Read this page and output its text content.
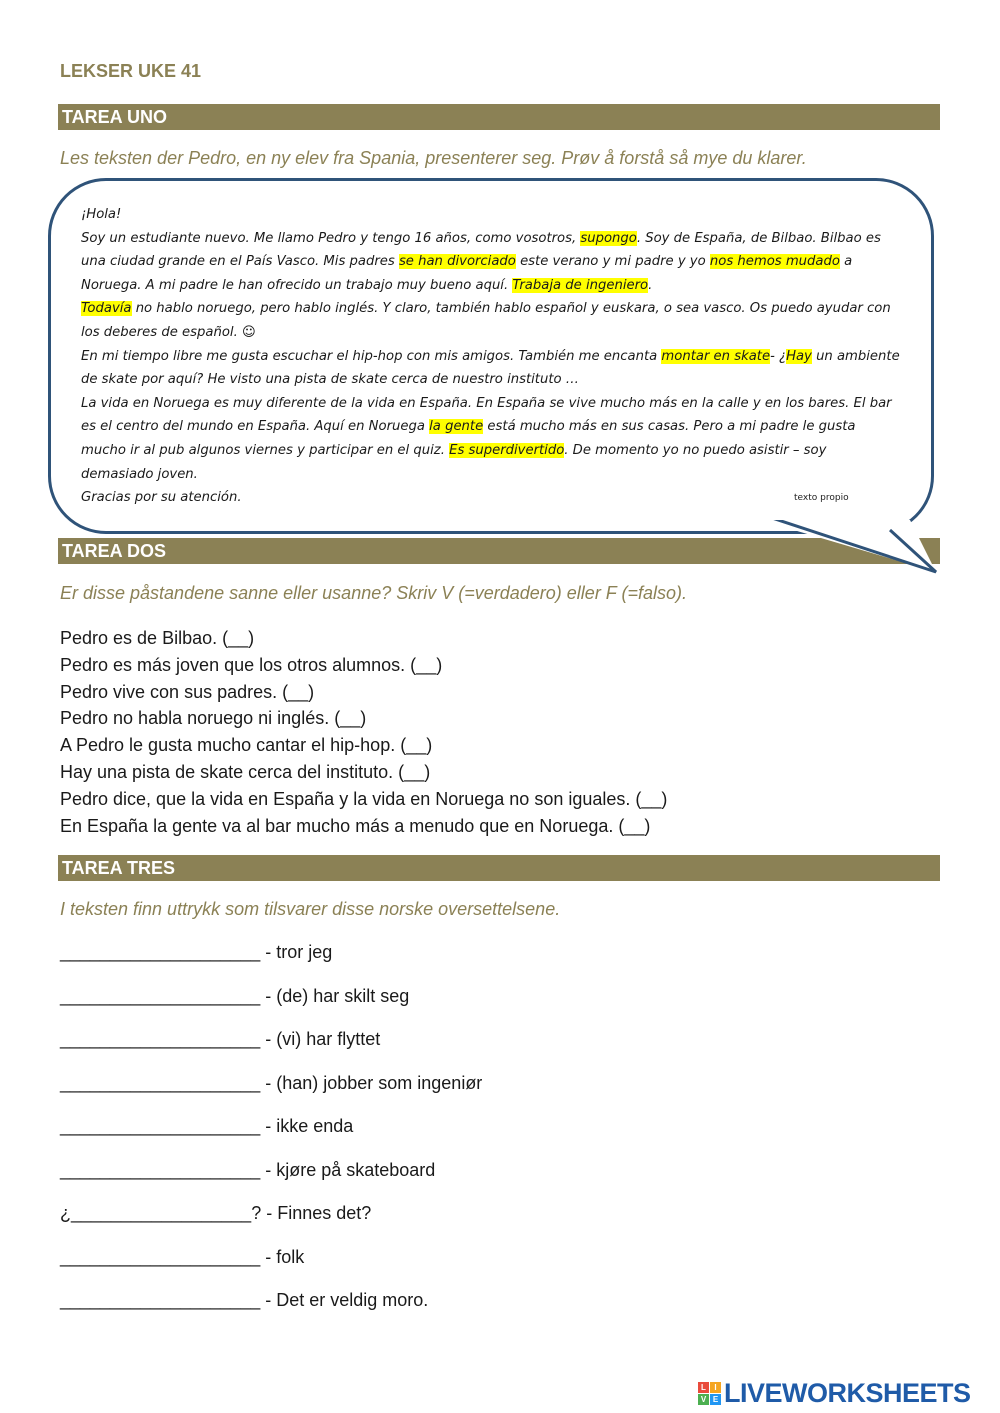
LEKSER UKE 41
TAREA UNO
Les teksten der Pedro, en ny elev fra Spania, presenterer seg. Prøv å forstå så mye du klarer.
TAREA DOS

¡Hola!

Soy un estudiante nuevo. Me llamo Pedro y tengo 16 años, como vosotros, supongo. Soy de España, de Bilbao. Bilbao es una ciudad grande en el País Vasco. Mis padres se han divorciado este verano y mi padre y yo nos hemos mudado a Noruega. A mi padre le han ofrecido un trabajo muy bueno aquí. Trabaja de ingeniero.

Todavía no hablo noruego, pero hablo inglés. Y claro, también hablo español y euskara, o sea vasco. Os puedo ayudar con los deberes de español. ☺

En mi tiempo libre me gusta escuchar el hip-hop con mis amigos. También me encanta montar en skate- ¿Hay un ambiente de skate por aquí? He visto una pista de skate cerca de nuestro instituto …

La vida en Noruega es muy diferente de la vida en España. En España se vive mucho más en la calle y en los bares. El bar es el centro del mundo en España. Aquí en Noruega la gente está mucho más en sus casas. Pero a mi padre le gusta mucho ir al pub algunos viernes y participar en el quiz. Es superdivertido. De momento yo no puedo asistir – soy demasiado joven.

Gracias por su atención.	texto propio
Er disse påstandene sanne eller usanne? Skriv V (=verdadero) eller F (=falso).
Pedro es de Bilbao. (__)
Pedro es más joven que los otros alumnos. (__)
Pedro vive con sus padres. (__)
Pedro no habla noruego ni inglés. (__)
A Pedro le gusta mucho cantar el hip-hop. (__)
Hay una pista de skate cerca del instituto. (__)
Pedro dice, que la vida en España y la vida en Noruega no son iguales. (__)
En España la gente va al bar mucho más a menudo que en Noruega. (__)
TAREA TRES
I teksten finn uttrykk som tilsvarer disse norske oversettelsene.
____________________ - tror jeg
____________________ - (de) har skilt seg
____________________ - (vi) har flyttet
____________________ - (han) jobber som ingeniør
____________________ - ikke enda
____________________ - kjøre på skateboard
¿__________________? - Finnes det?
____________________ - folk
____________________ - Det er veldig moro.
L	I
V E LIVEWORKSHEETS
